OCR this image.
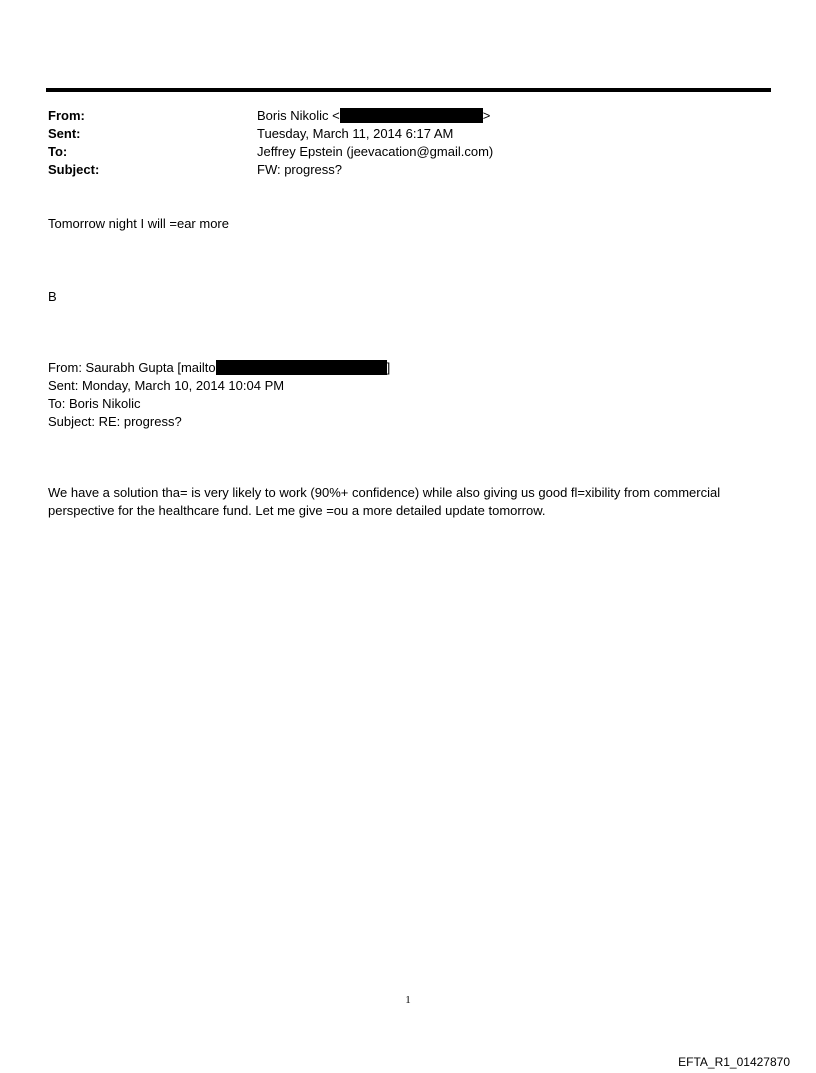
From:	Boris Nikolic <	>
Sent:	Tuesday, March 11, 2014 6:17 AM
To:	Jeffrey Epstein (jeevacation@gmail.com)
Subject:	FW: progress?
Tomorrow night I will =ear more
B
From: Saurabh Gupta [mailto	]
Sent: Monday, March 10, 2014 10:04 PM
To: Boris Nikolic
Subject: RE: progress?
We have a solution tha= is very likely to work (90%+ confidence) while also giving us good fl=xibility from commercial
perspective for the healthcare fund. Let me give =ou a more detailed update tomorrow.
1
EFTA_R1_01427870
